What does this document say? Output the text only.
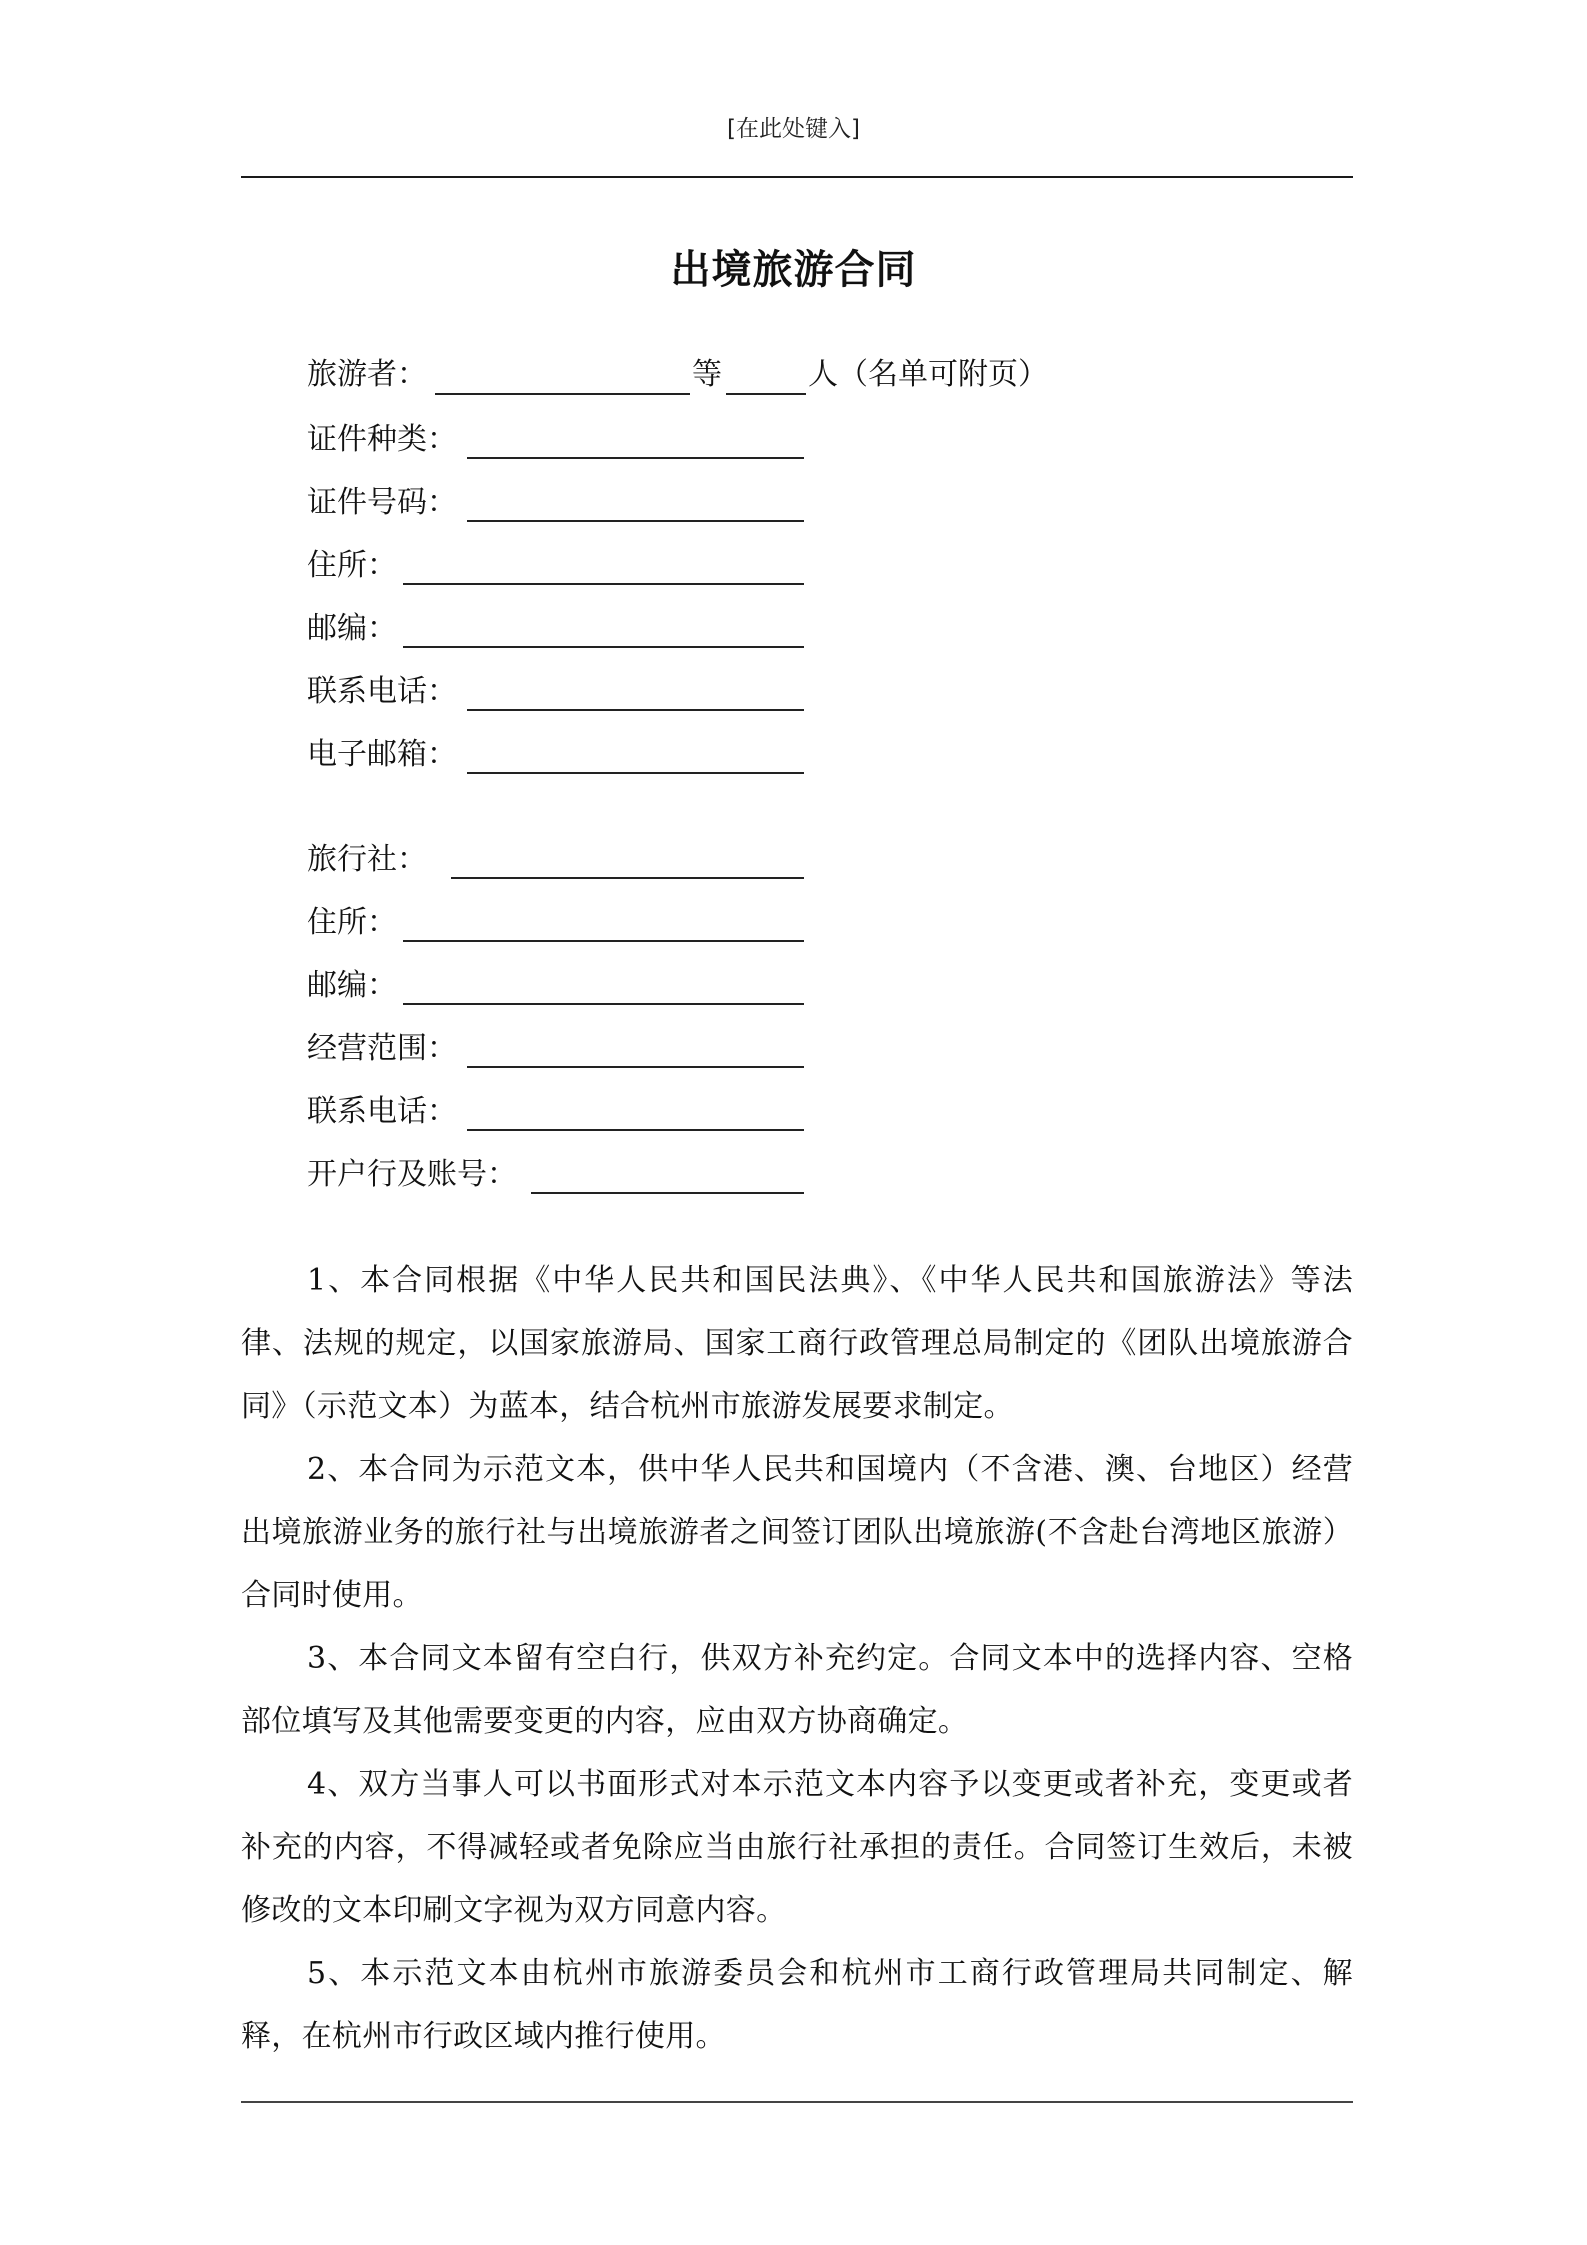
[在此处键入]
出境旅游合同
旅游者：	等	人（名单可附页）
证件种类：
证件号码：
住所：
邮编：
联系电话：
电子邮箱：
旅行社：
住所：
邮编：
经营范围：
联系电话：
开户行及账号：
1、本合同根据《中华人民共和国民法典》、《中华人民共和国旅游法》等法律、法规的规定，以国家旅游局、国家工商行政管理总局制定的《团队出境旅游合同》（示范文本）为蓝本，结合杭州市旅游发展要求制定。
2、本合同为示范文本，供中华人民共和国境内（不含港、澳、台地区）经营出境旅游业务的旅行社与出境旅游者之间签订团队出境旅游(不含赴台湾地区旅游）合同时使用。
3、本合同文本留有空白行，供双方补充约定。合同文本中的选择内容、空格部位填写及其他需要变更的内容，应由双方协商确定。
4、双方当事人可以书面形式对本示范文本内容予以变更或者补充，变更或者补充的内容，不得减轻或者免除应当由旅行社承担的责任。合同签订生效后，未被修改的文本印刷文字视为双方同意内容。
5、本示范文本由杭州市旅游委员会和杭州市工商行政管理局共同制定、解释，在杭州市行政区域内推行使用。
